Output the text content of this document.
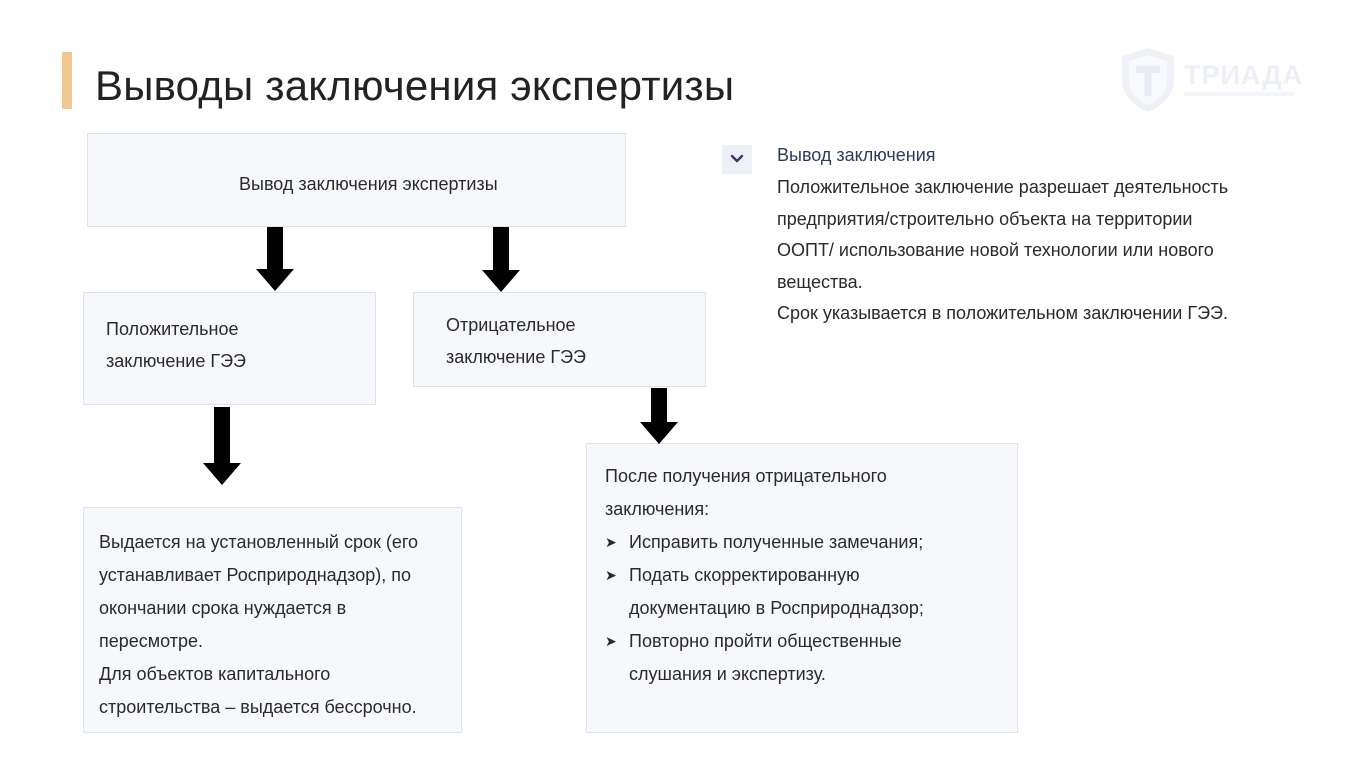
Выводы заключения экспертизы	ТРИАДА
Вывод заключения экспертизы
Положительное
заключение ГЭЭ
Отрицательное
заключение ГЭЭ
Выдается на установленный срок (его
устанавливает Росприроднадзор), по
окончании срока нуждается в
пересмотре.
Для объектов капитального
строительства – выдается бессрочно.
После получения отрицательного
заключения:
➤ Исправить полученные замечания;
➤ Подать скорректированную
документацию в Росприроднадзор;
➤ Повторно пройти общественные
слушания и экспертизу.
Вывод заключения

Положительное заключение разрешает деятельность

предприятия/строительно объекта на территории

ООПТ/ использование новой технологии или нового

вещества.

Срок указывается в положительном заключении ГЭЭ.
